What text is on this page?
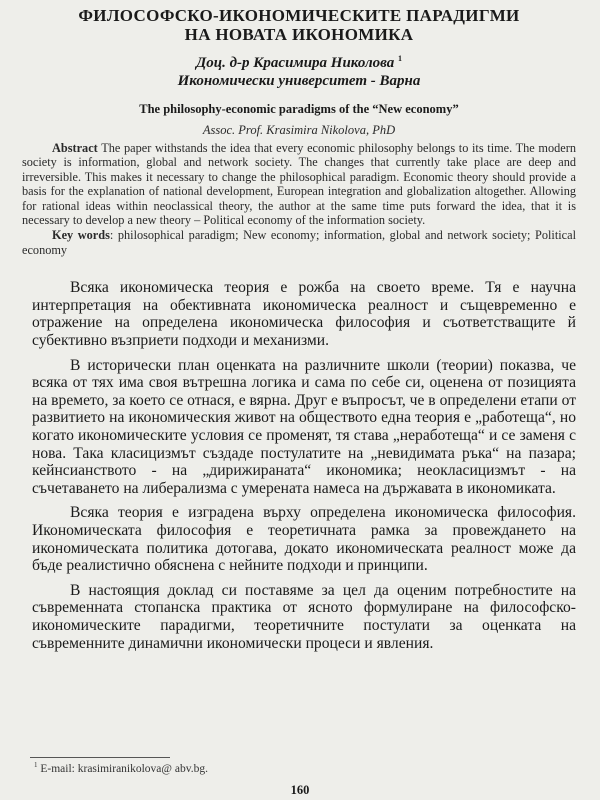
ФИЛОСОФСКО-ИКОНОМИЧЕСКИТЕ ПАРАДИГМИ
НА НОВАТА ИКОНОМИКА
Доц. д-р Красимира Николова $^1$
Икономически университет - Варна
The philosophy-economic paradigms of the “New economy”
Assoc. Prof. Krasimira Nikolova, PhD
Abstract The paper withstands the idea that every economic philosophy belongs to its time. The modern society is information, global and network society. The changes that currently take place are deep and irreversible. This makes it necessary to change the philosophical paradigm. Economic theory should provide a basis for the explanation of national development, European integration and globalization altogether. Allowing for rational ideas within neoclassical theory, the author at the same time puts forward the idea, that it is necessary to develop a new theory – Political economy of the information society.
Key words: philosophical paradigm; New economy; information, global and network society; Political economy

Всяка икономическа теория е рожба на своето време. Тя е научна интерпретация на обективната икономическа реалност и същевременно е отражение на определена икономическа философия и съответстващите й субективно възприети подходи и механизми.

В исторически план оценката на различните школи (теории) показва, че всяка от тях има своя вътрешна логика и сама по себе си, оценена от позицията на времето, за което се отнася, е вярна. Друг е въпросът, че в определени етапи от развитието на икономическия живот на обществото една теория е „работеща“, но когато икономическите условия се променят, тя става „неработеща“ и се заменя с нова. Така класицизмът създаде постулатите на „невидимата ръка“ на пазара; кейнсианството - на „дирижираната“ икономика; неокласицизмът - на съчетаването на либерализма с умерената намеса на държавата в икономиката.

Всяка теория е изградена върху определена икономическа философия. Икономическата философия е теоретичната рамка за провеждането на икономическата политика дотогава, докато икономическата реалност може да бъде реалистично обяснена с нейните подходи и принципи.

В настоящия доклад си поставяме за цел да оценим потребностите на съвременната стопанска практика от ясното формулиране на философско-икономическите парадигми, теоретичните постулати за оценката на съвременните динамични икономически процеси и явления.

$^1$ E-mail: krasimiranikolova@ abv.bg.
160
